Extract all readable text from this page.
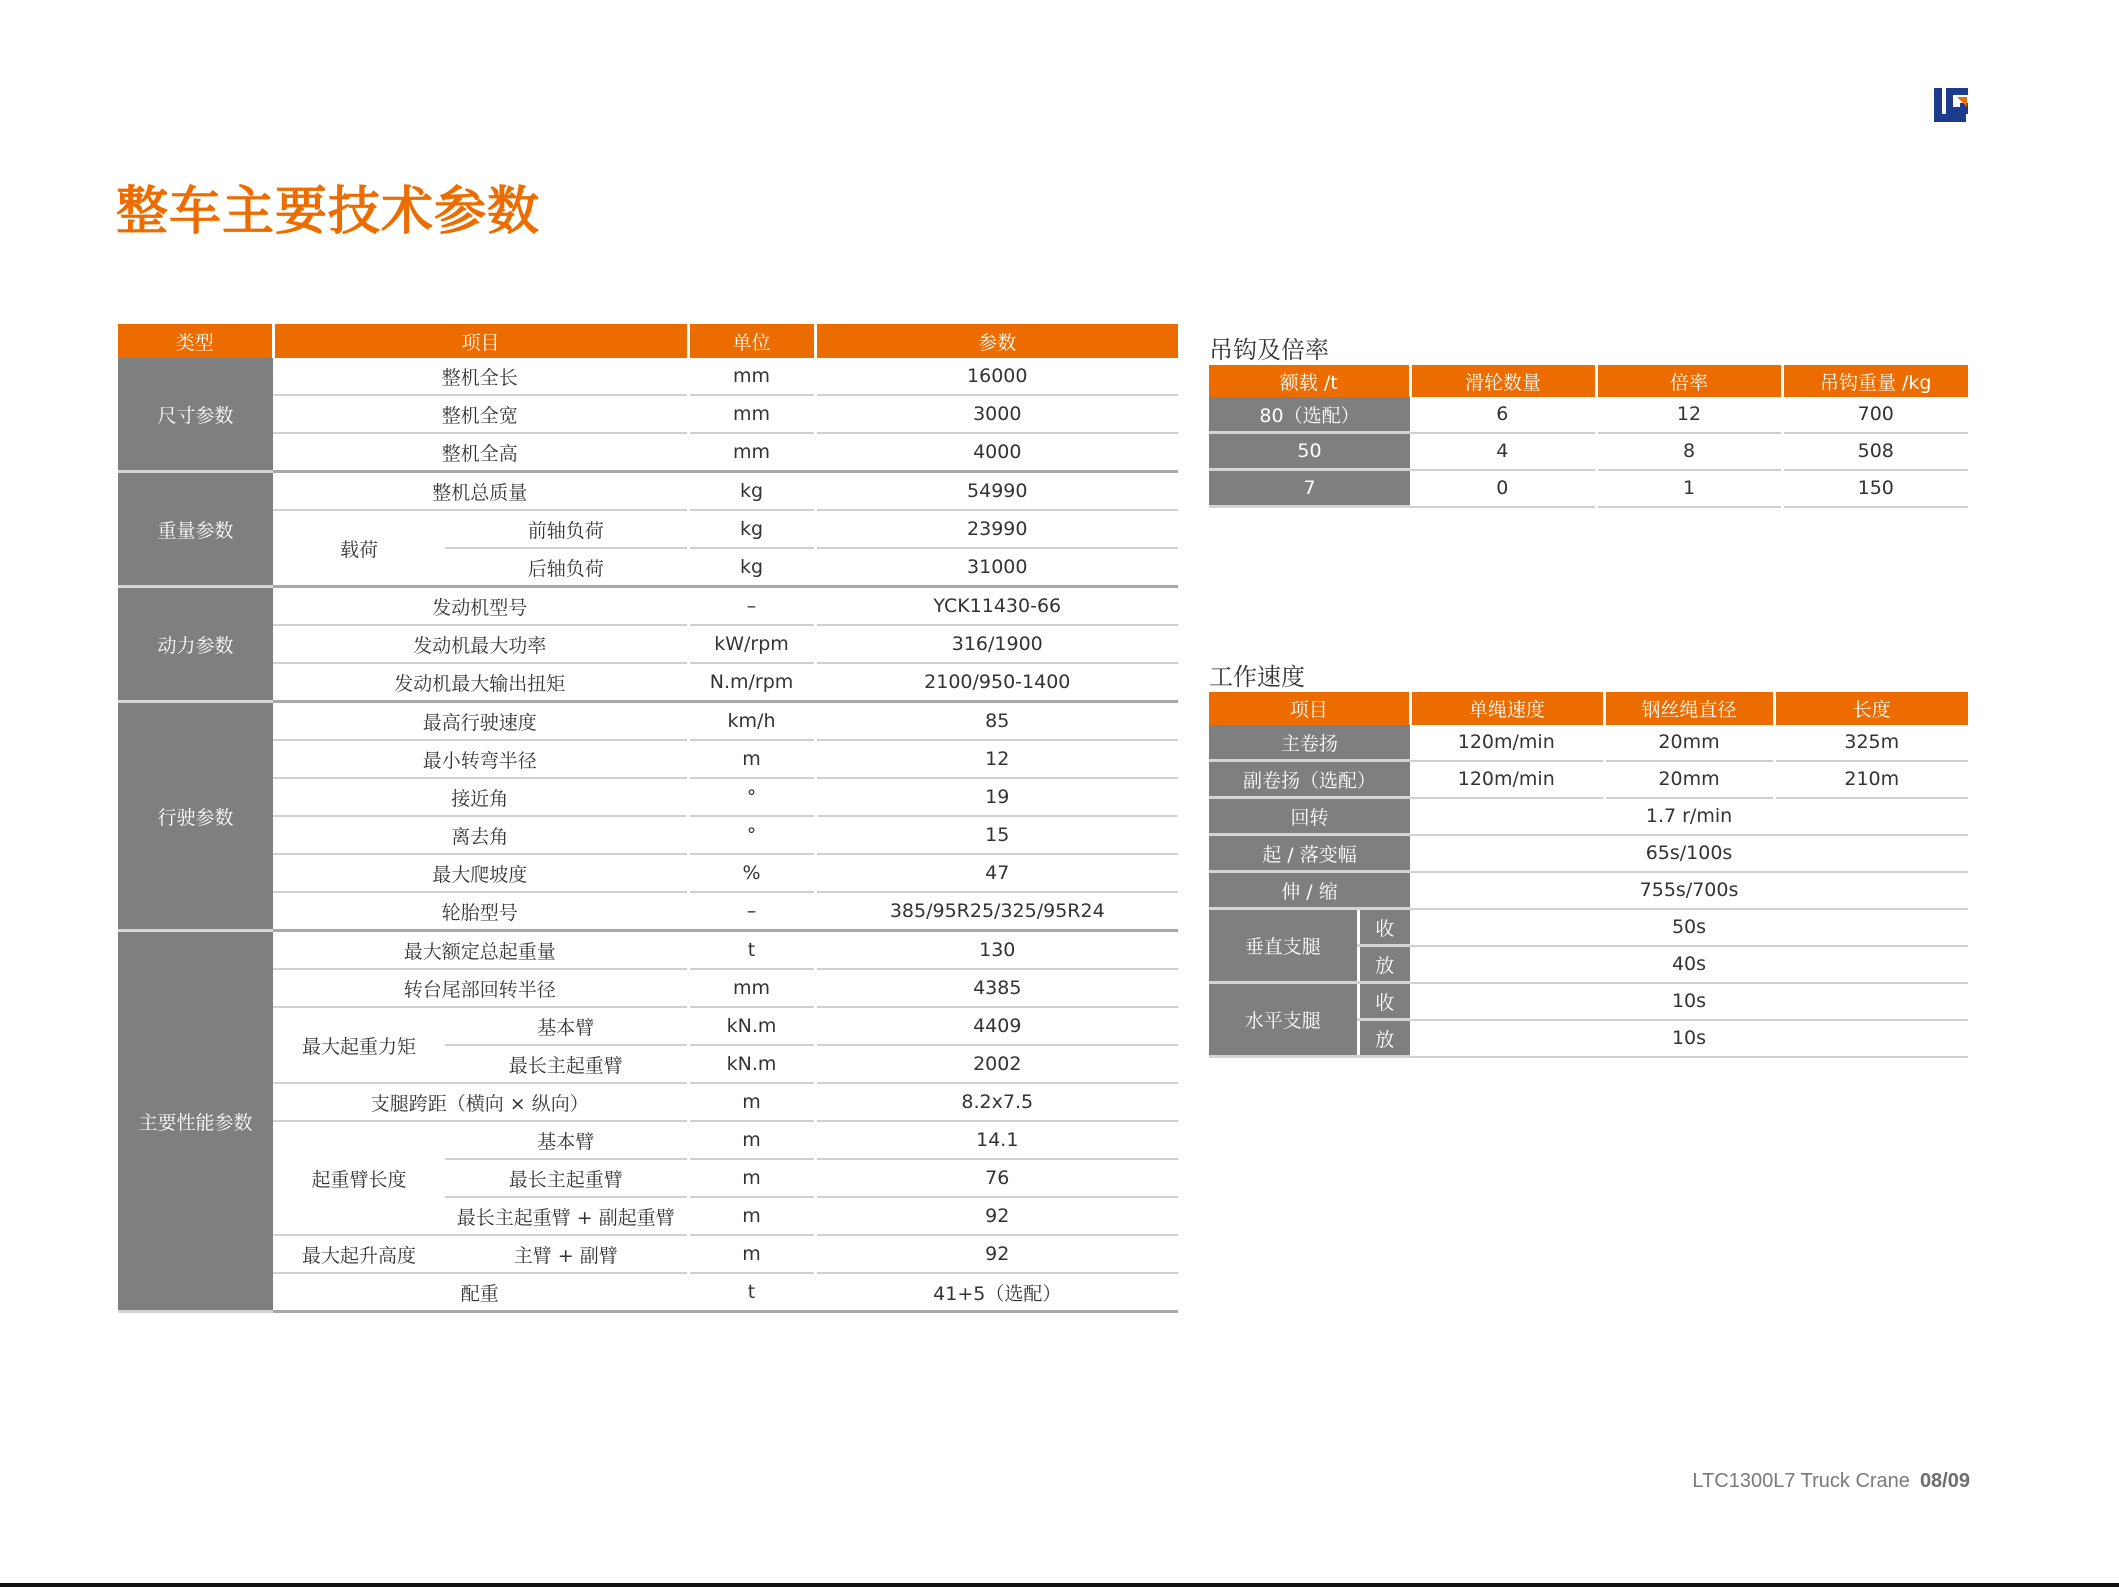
整车主要技术参数
类型	项目		单位	参数
尺寸参数	整机全长		mm	16000
	整机全宽		mm	3000
	整机全高		mm	4000
重量参数	整机总质量		kg	54990
	载荷	前轴负荷	kg	23990
		后轴负荷	kg	31000
动力参数	发动机型号		–	YCK11430-66
	发动机最大功率		kW/rpm	316/1900
	发动机最大输出扭矩		N.m/rpm	2100/950-1400
行驶参数	最高行驶速度		km/h	85
	最小转弯半径		m	12
	接近角		°	19
	离去角		°	15
	最大爬坡度		%	47
	轮胎型号		–	385/95R25/325/95R24
主要性能参数	最大额定总起重量		t	130
	转台尾部回转半径		mm	4385
	最大起重力矩	基本臂	kN.m	4409
		最长主起重臂	kN.m	2002
	支腿跨距（横向 × 纵向）		m	8.2x7.5
	起重臂长度	基本臂	m	14.1
		最长主起重臂	m	76
		最长主起重臂 + 副起重臂	m	92
	最大起升高度	主臂 + 副臂	m	92
	配重		t	41+5（选配）
吊钩及倍率
额载 /t	滑轮数量	倍率	吊钩重量 /kg
80（选配）	6	12	700
50	4	8	508
7	0	1	150
工作速度
项目		单绳速度	钢丝绳直径	长度
主卷扬		120m/min	20mm	325m
副卷扬（选配）		120m/min	20mm	210m
回转		1.7 r/min		
起 / 落变幅		65s/100s		
伸 / 缩		755s/700s		
垂直支腿	收	50s		
	放	40s		
水平支腿	收	10s		
	放	10s		
LTC1300L7 Truck Crane 08/09
